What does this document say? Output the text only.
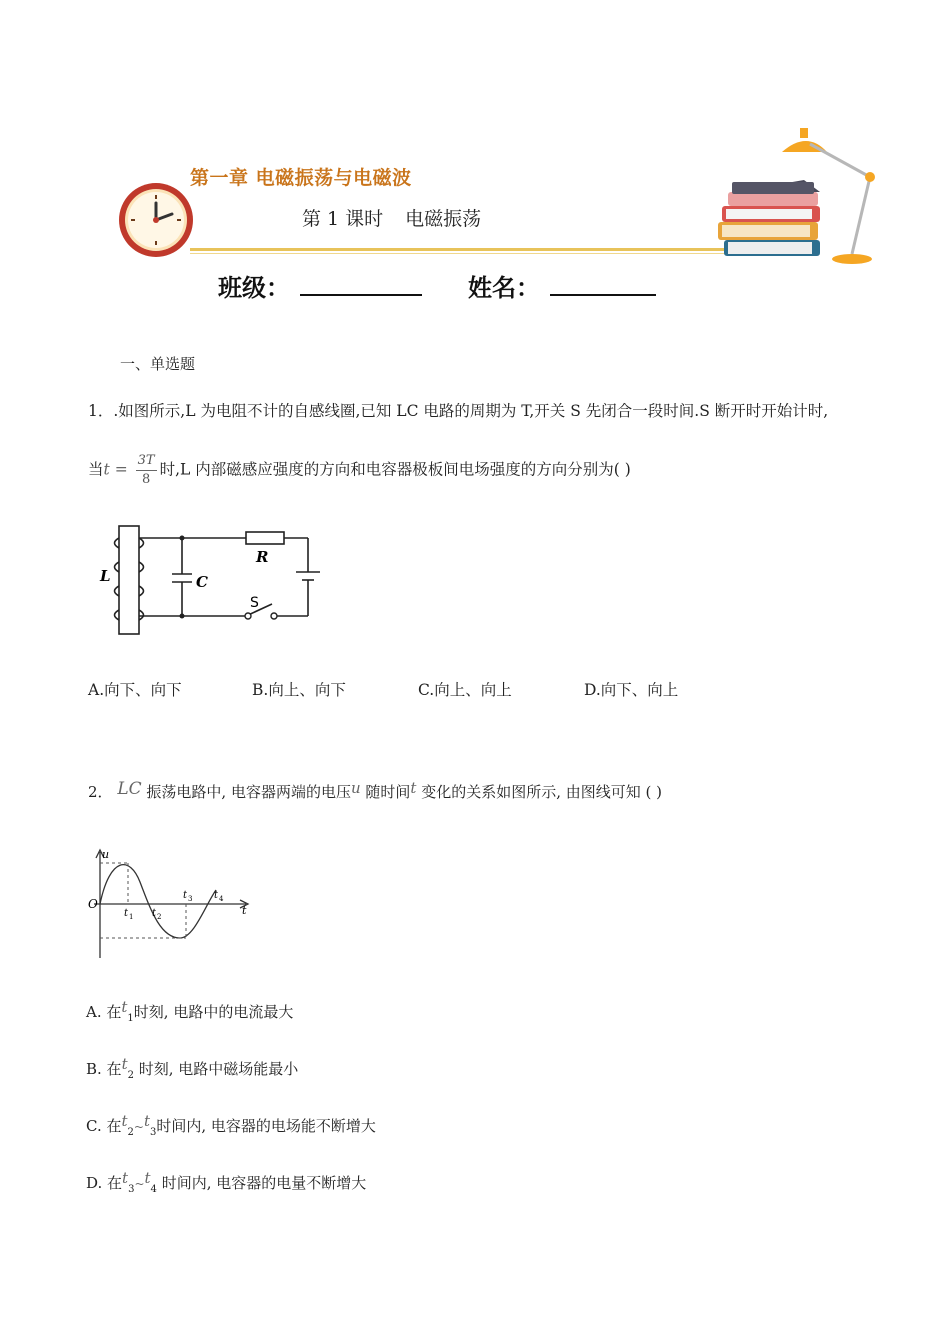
第一章 电磁振荡与电磁波
第 1 课时 电磁振荡
班级：	姓名：
一、单选题
1．.如图所示,L 为电阻不计的自感线圈,已知 LC 电路的周期为 T,开关 S 先闭合一段时间.S 断开时开始计时,
当$t = \frac{3T}{8}$ 时,L 内部磁感应强度的方向和电容器极板间电场强度的方向分别为( )
L	C
R
S
A.向下、向下	B.向上、向下	C.向上、向上	D.向下、向上
2． LC 振荡电路中, 电容器两端的电压u 随时间t 变化的关系如图所示, 由图线可知 ( )
u
O	t
t 1 t 2
t 3 t 4
A. 在$t_1$时刻, 电路中的电流最大
B. 在$t_2$ 时刻, 电路中磁场能最小
C. 在$t_2\sim t_3$时间内, 电容器的电场能不断增大
D. 在$t_3\sim t_4$ 时间内, 电容器的电量不断增大
